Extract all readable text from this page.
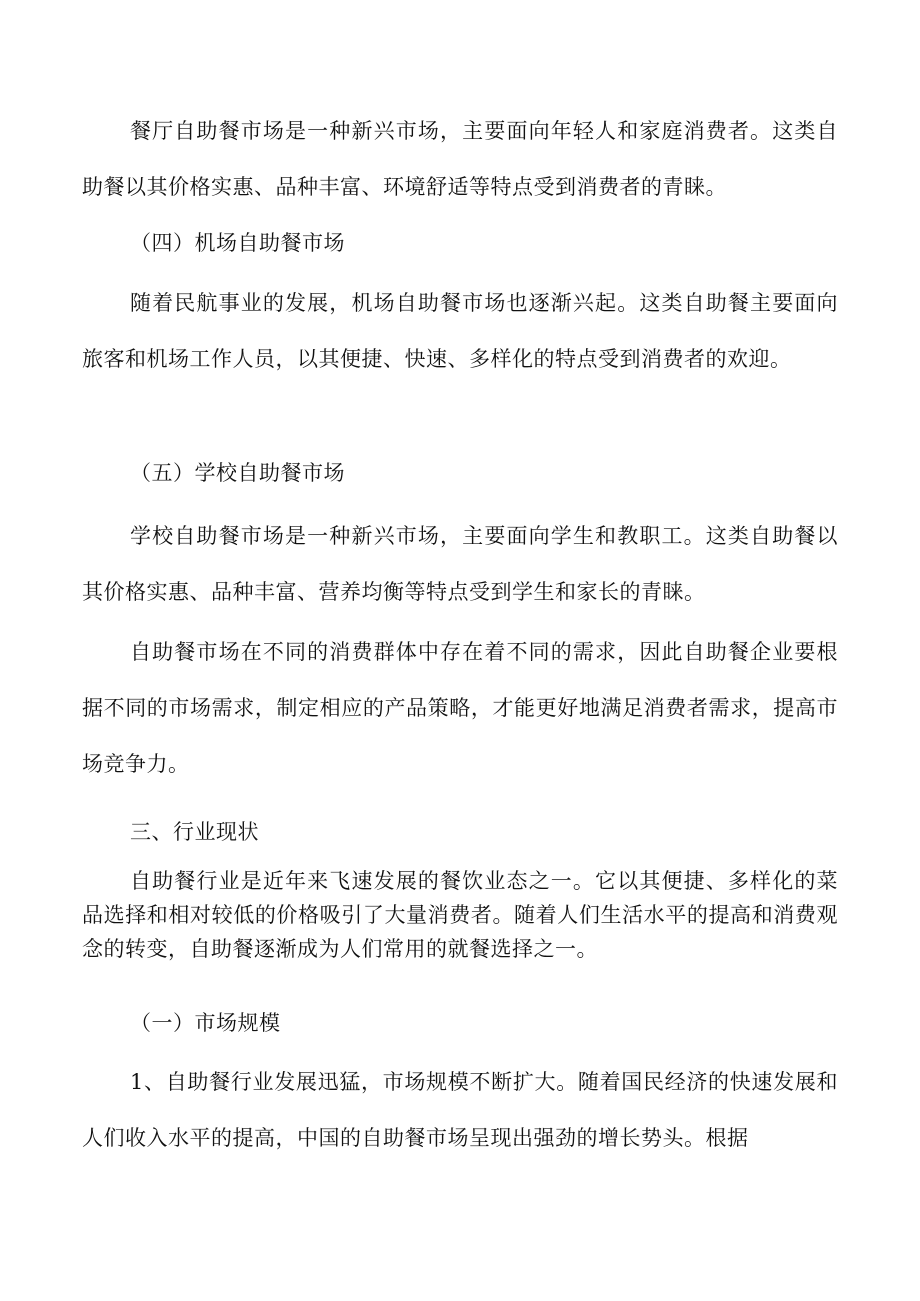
餐厅自助餐市场是一种新兴市场，主要面向年轻人和家庭消费者。这类自助餐以其价格实惠、品种丰富、环境舒适等特点受到消费者的青睐。

（四）机场自助餐市场

随着民航事业的发展，机场自助餐市场也逐渐兴起。这类自助餐主要面向旅客和机场工作人员，以其便捷、快速、多样化的特点受到消费者的欢迎。

（五）学校自助餐市场

学校自助餐市场是一种新兴市场，主要面向学生和教职工。这类自助餐以其价格实惠、品种丰富、营养均衡等特点受到学生和家长的青睐。

自助餐市场在不同的消费群体中存在着不同的需求，因此自助餐企业要根据不同的市场需求，制定相应的产品策略，才能更好地满足消费者需求，提高市场竞争力。

三、行业现状

自助餐行业是近年来飞速发展的餐饮业态之一。它以其便捷、多样化的菜品选择和相对较低的价格吸引了大量消费者。随着人们生活水平的提高和消费观念的转变，自助餐逐渐成为人们常用的就餐选择之一。

（一）市场规模

1、自助餐行业发展迅猛，市场规模不断扩大。随着国民经济的快速发展和人们收入水平的提高，中国的自助餐市场呈现出强劲的增长势头。根据
